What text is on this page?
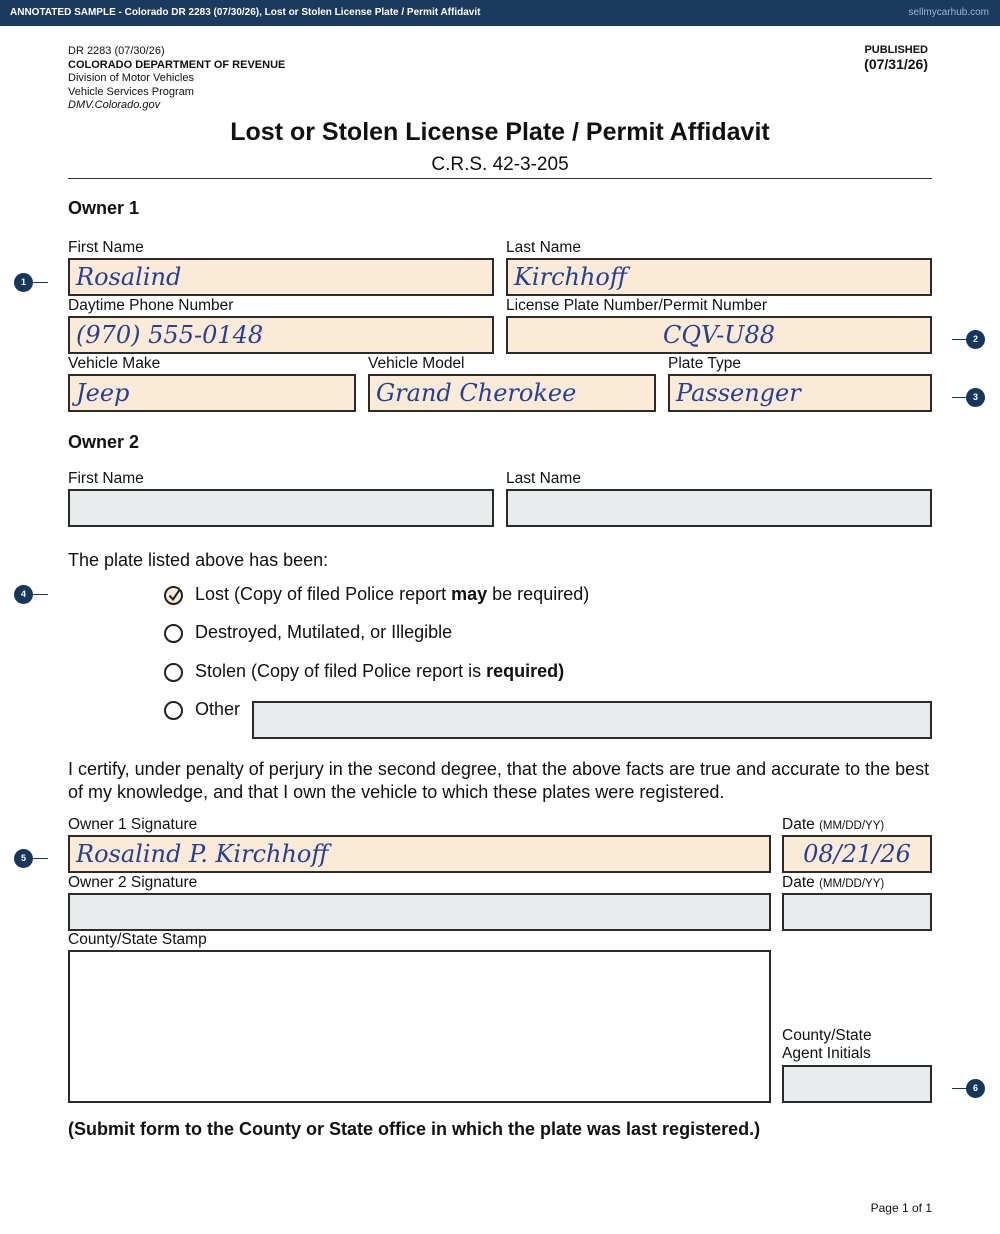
ANNOTATED SAMPLE - Colorado DR 2283 (07/30/26), Lost or Stolen License Plate / Permit Affidavit	sellmycarhub.com
DR 2283 (07/30/26)
COLORADO DEPARTMENT OF REVENUE
Division of Motor Vehicles
Vehicle Services Program
DMV.Colorado.gov
PUBLISHED
(07/31/26)
Lost or Stolen License Plate / Permit Affidavit
C.R.S. 42-3-205
Owner 1
First Name
Rosalind
Last Name
Kirchhoff
Daytime Phone Number
(970) 555-0148
License Plate Number/Permit Number
CQV-U88
Vehicle Make
Jeep
Vehicle Model
Grand Cherokee
Plate Type
Passenger
Owner 2
First Name	Last Name
The plate listed above has been:
Lost (Copy of filed Police report may be required)
Destroyed, Mutilated, or Illegible
Stolen (Copy of filed Police report is required)
Other
I certify, under penalty of perjury in the second degree, that the above facts are true and accurate to the best of my knowledge, and that I own the vehicle to which these plates were registered.
Owner 1 Signature
Rosalind P. Kirchhoff
Date (MM/DD/YY)
08/21/26
Owner 2 Signature	Date (MM/DD/YY)
County/State Stamp
County/State
Agent Initials
(Submit form to the County or State office in which the plate was last registered.)
Page 1 of 1
1
2
3
4
5
6
